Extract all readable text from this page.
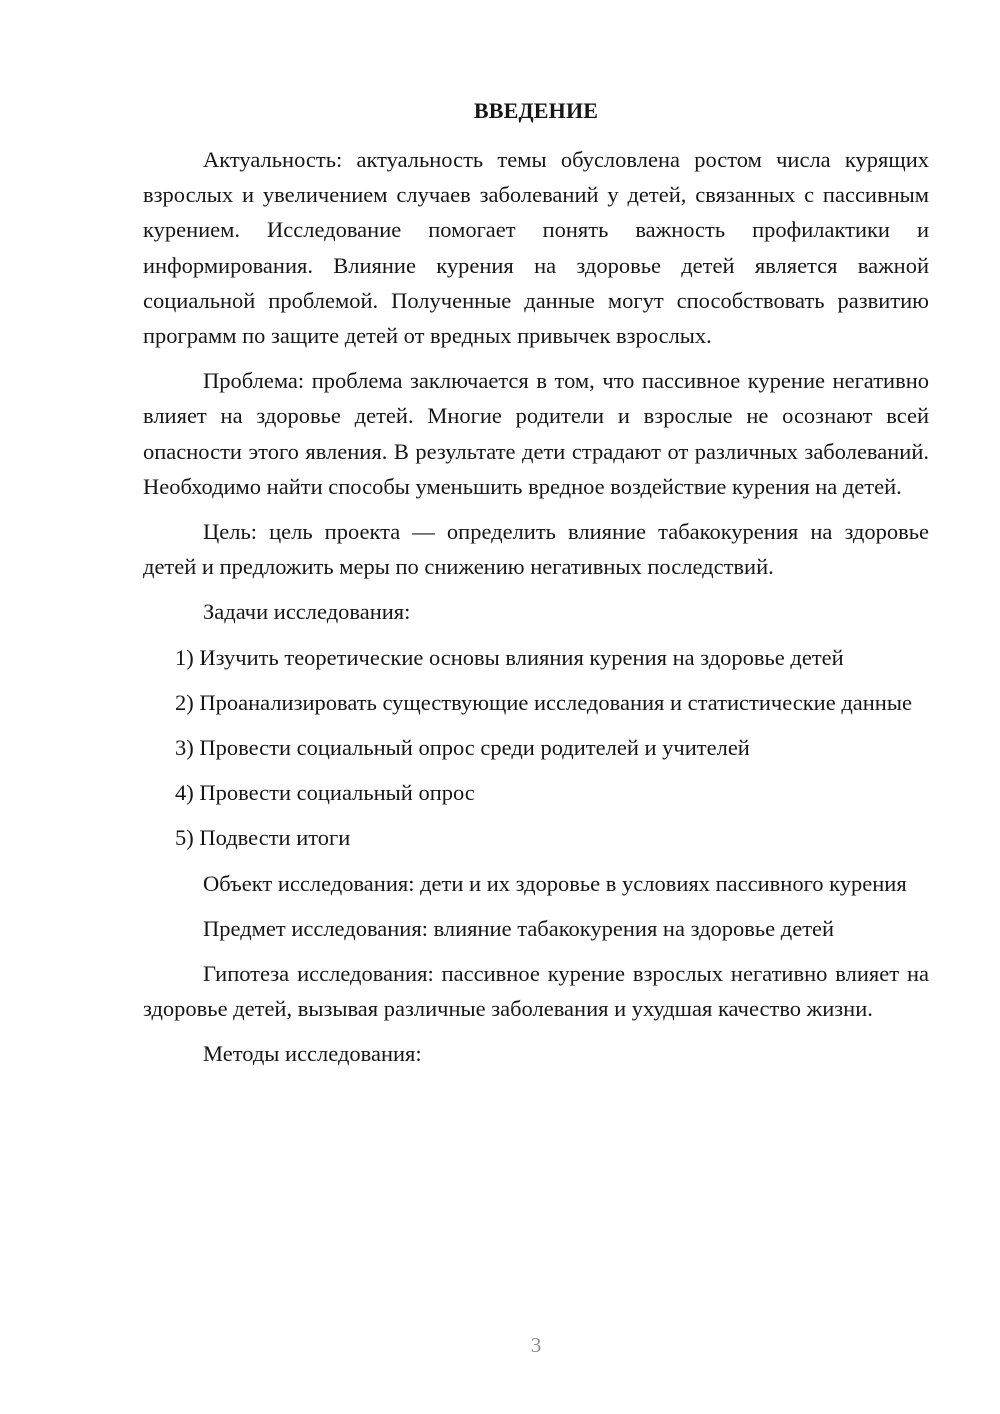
ВВЕДЕНИЕ

Актуальность: актуальность темы обусловлена ростом числа курящих взрослых и увеличением случаев заболеваний у детей, связанных с пассивным курением. Исследование помогает понять важность профилактики и информирования. Влияние курения на здоровье детей является важной социальной проблемой. Полученные данные могут способствовать развитию программ по защите детей от вредных привычек взрослых.

Проблема: проблема заключается в том, что пассивное курение негативно влияет на здоровье детей. Многие родители и взрослые не осознают всей опасности этого явления. В результате дети страдают от различных заболеваний. Необходимо найти способы уменьшить вредное воздействие курения на детей.

Цель: цель проекта — определить влияние табакокурения на здоровье детей и предложить меры по снижению негативных последствий.

Задачи исследования:

1) Изучить теоретические основы влияния курения на здоровье детей

2) Проанализировать существующие исследования и статистические данные

3) Провести социальный опрос среди родителей и учителей

4) Провести социальный опрос

5) Подвести итоги

Объект исследования: дети и их здоровье в условиях пассивного курения

Предмет исследования: влияние табакокурения на здоровье детей

Гипотеза исследования: пассивное курение взрослых негативно влияет на здоровье детей, вызывая различные заболевания и ухудшая качество жизни.

Методы исследования:

3
